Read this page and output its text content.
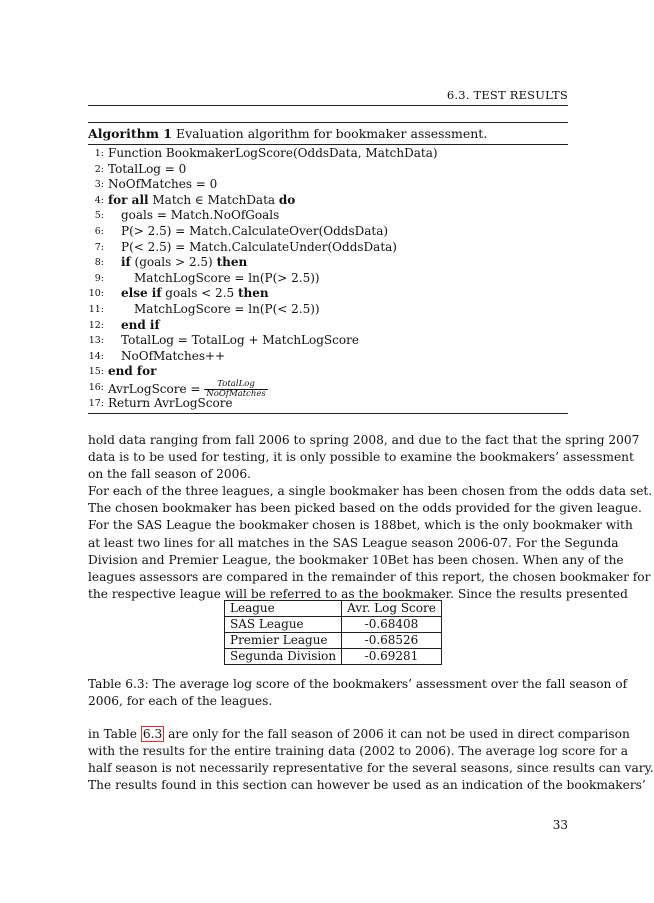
6.3. TEST RESULTS
Algorithm 1 Evaluation algorithm for bookmaker assessment.
1: Function BookmakerLogScore(OddsData, MatchData)
2: TotalLog = 0
3: NoOfMatches = 0
4: for all Match ∈ MatchData do
5: goals = Match.NoOfGoals
6: P(> 2.5) = Match.CalculateOver(OddsData)
7: P(< 2.5) = Match.CalculateUnder(OddsData)
8: if (goals > 2.5) then
9:	MatchLogScore = ln(P(> 2.5))
10: else if goals < 2.5 then
11:	MatchLogScore = ln(P(< 2.5))
12: end if
13: TotalLog = TotalLog + MatchLogScore
14: NoOfMatches++
15: end for
16: AvrLogScore = $\frac{\text{TotalLog}}{\text{NoOfMatches}}$
17: Return AvrLogScore
hold data ranging from fall 2006 to spring 2008, and due to the fact that the spring 2007
data is to be used for testing, it is only possible to examine the bookmakers’ assessment
on the fall season of 2006.
For each of the three leagues, a single bookmaker has been chosen from the odds data set.
The chosen bookmaker has been picked based on the odds provided for the given league.
For the SAS League the bookmaker chosen is 188bet, which is the only bookmaker with
at least two lines for all matches in the SAS League season 2006-07. For the Segunda
Division and Premier League, the bookmaker 10Bet has been chosen. When any of the
leagues assessors are compared in the remainder of this report, the chosen bookmaker for
the respective league will be referred to as the bookmaker. Since the results presented
League	Avr. Log Score
SAS League	-0.68408
Premier League	-0.68526
Segunda Division	-0.69281
Table 6.3: The average log score of the bookmakers’ assessment over the fall season of
2006, for each of the leagues.
in Table 6.3 are only for the fall season of 2006 it can not be used in direct comparison
with the results for the entire training data (2002 to 2006). The average log score for a
half season is not necessarily representative for the several seasons, since results can vary.
The results found in this section can however be used as an indication of the bookmakers’
33
